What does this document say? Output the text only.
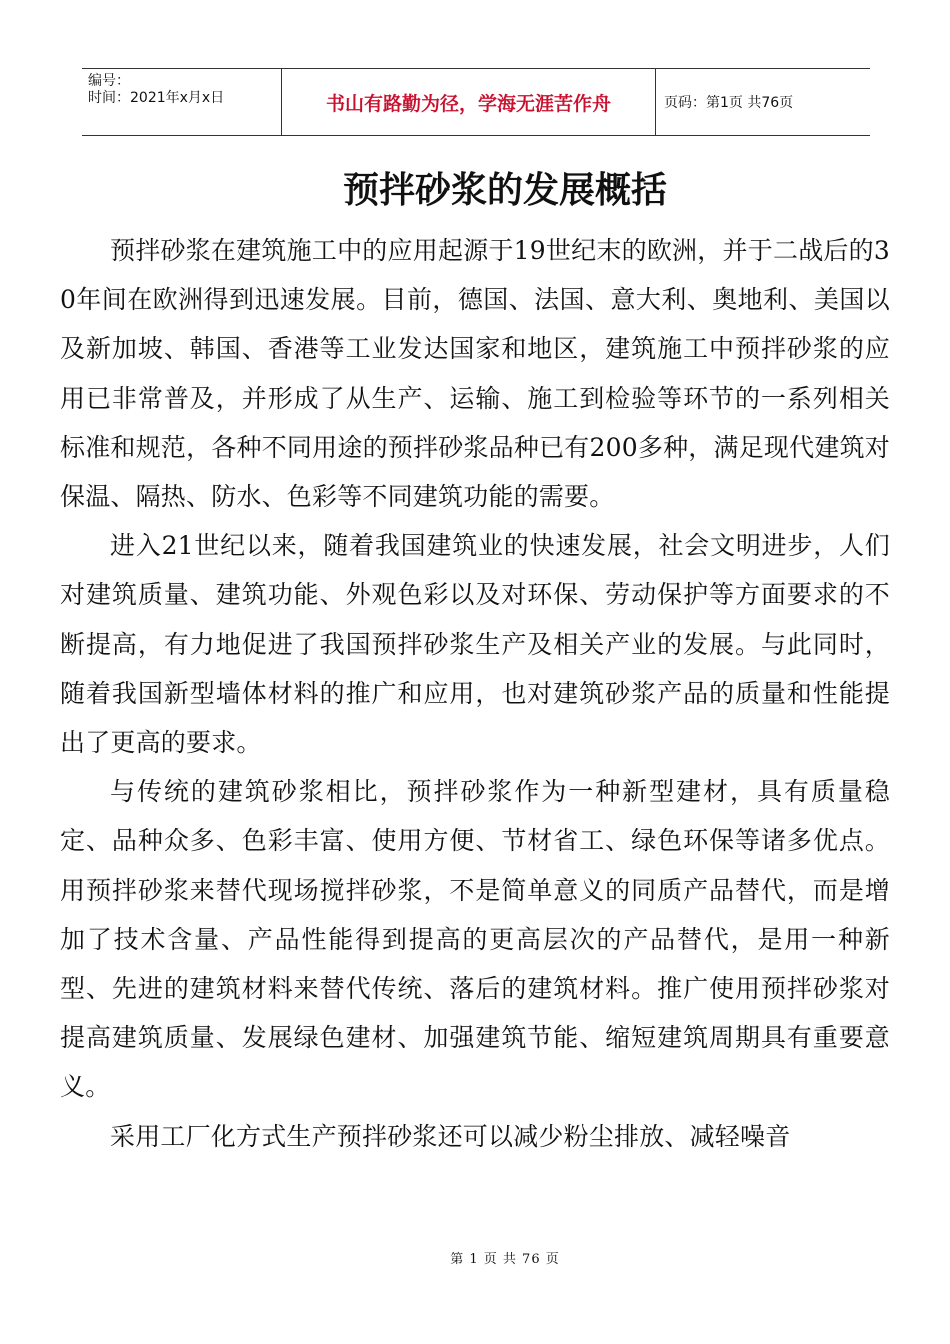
编号：
时间：2021年x月x日	书山有路勤为径，学海无涯苦作舟	页码：第1页 共76页
预拌砂浆的发展概括

预拌砂浆在建筑施工中的应用起源于19世纪末的欧洲，并于二战后的30年间在欧洲得到迅速发展。目前，德国、法国、意大利、奥地利、美国以及新加坡、韩国、香港等工业发达国家和地区，建筑施工中预拌砂浆的应用已非常普及，并形成了从生产、运输、施工到检验等环节的一系列相关标准和规范，各种不同用途的预拌砂浆品种已有200多种，满足现代建筑对保温、隔热、防水、色彩等不同建筑功能的需要。

进入21世纪以来，随着我国建筑业的快速发展，社会文明进步，人们对建筑质量、建筑功能、外观色彩以及对环保、劳动保护等方面要求的不断提高，有力地促进了我国预拌砂浆生产及相关产业的发展。与此同时，随着我国新型墙体材料的推广和应用，也对建筑砂浆产品的质量和性能提出了更高的要求。

与传统的建筑砂浆相比，预拌砂浆作为一种新型建材，具有质量稳定、品种众多、色彩丰富、使用方便、节材省工、绿色环保等诸多优点。用预拌砂浆来替代现场搅拌砂浆，不是简单意义的同质产品替代，而是增加了技术含量、产品性能得到提高的更高层次的产品替代，是用一种新型、先进的建筑材料来替代传统、落后的建筑材料。推广使用预拌砂浆对提高建筑质量、发展绿色建材、加强建筑节能、缩短建筑周期具有重要意义。

采用工厂化方式生产预拌砂浆还可以减少粉尘排放、减轻噪音

第 1 页 共 76 页
